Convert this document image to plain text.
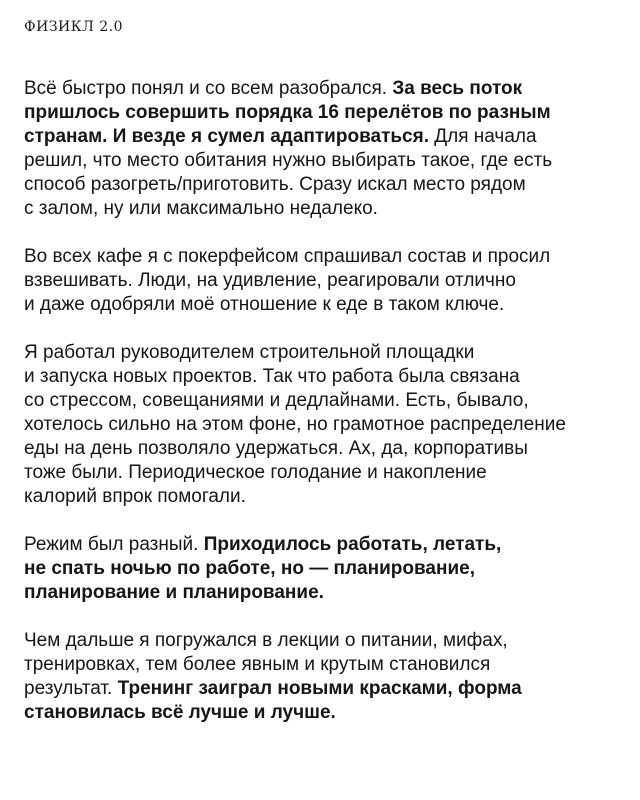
ФИЗИКЛ 2.0

Всё быстро понял и со всем разобрался. За весь поток
пришлось совершить порядка 16 перелётов по разным
странам. И везде я сумел адаптироваться. Для начала
решил, что место обитания нужно выбирать такое, где есть
способ разогреть/приготовить. Сразу искал место рядом
с залом, ну или максимально недалеко.

Во всех кафе я с покерфейсом спрашивал состав и просил
взвешивать. Люди, на удивление, реагировали отлично
и даже одобряли моё отношение к еде в таком ключе.

Я работал руководителем строительной площадки
и запуска новых проектов. Так что работа была связана
со стрессом, совещаниями и дедлайнами. Есть, бывало,
хотелось сильно на этом фоне, но грамотное распределение
еды на день позволяло удержаться. Ах, да, корпоративы
тоже были. Периодическое голодание и накопление
калорий впрок помогали.

Режим был разный. Приходилось работать, летать,
не спать ночью по работе, но — планирование,
планирование и планирование.

Чем дальше я погружался в лекции о питании, мифах,
тренировках, тем более явным и крутым становился
результат. Тренинг заиграл новыми красками, форма
становилась всё лучше и лучше.
